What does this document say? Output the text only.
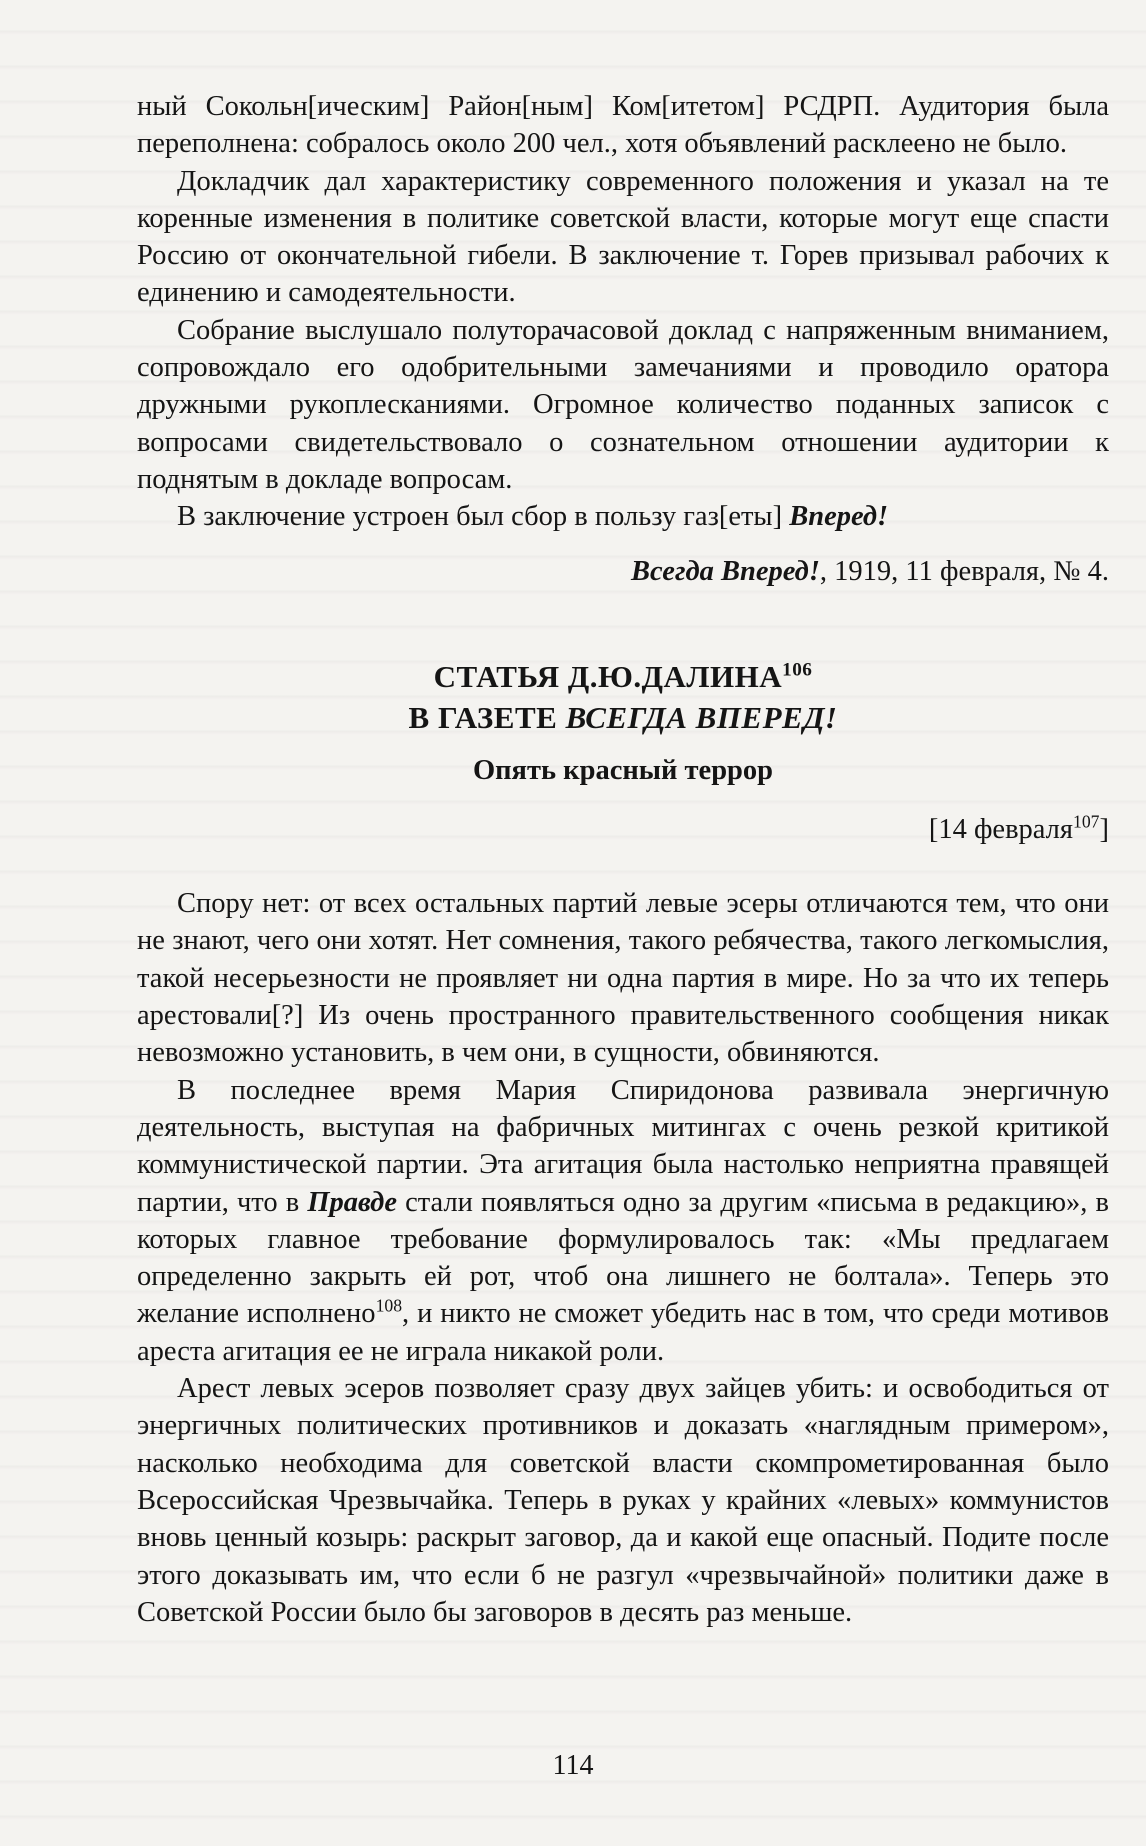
ный Сокольн[ическим] Район[ным] Ком[итетом] РСДРП. Аудитория была переполнена: собралось около 200 чел., хотя объявлений расклеено не было.

Докладчик дал характеристику современного положения и указал на те коренные изменения в политике советской власти, которые могут еще спасти Россию от окончательной гибели. В заключение т. Горев призывал рабочих к единению и самодеятельности.

Собрание выслушало полуторачасовой доклад с напряженным вниманием, сопровождало его одобрительными замечаниями и проводило оратора дружными рукоплесканиями. Огромное количество поданных записок с вопросами свидетельствовало о сознательном отношении аудитории к поднятым в докладе вопросам.

В заключение устроен был сбор в пользу газ[еты] Вперед!

Всегда Вперед!, 1919, 11 февраля, № 4.

СТАТЬЯ Д.Ю.ДАЛИНА$^{106}$
В ГАЗЕТЕ ВСЕГДА ВПЕРЕД!
Опять красный террор

[14 февраля$^{107}$]

Спору нет: от всех остальных партий левые эсеры отличаются тем, что они не знают, чего они хотят. Нет сомнения, такого ребячества, такого легкомыслия, такой несерьезности не проявляет ни одна партия в мире. Но за что их теперь арестовали[?] Из очень пространного правительственного сообщения никак невозможно установить, в чем они, в сущности, обвиняются.

В последнее время Мария Спиридонова развивала энергичную деятельность, выступая на фабричных митингах с очень резкой критикой коммунистической партии. Эта агитация была настолько неприятна правящей партии, что в Правде стали появляться одно за другим «письма в редакцию», в которых главное требование формулировалось так: «Мы предлагаем определенно закрыть ей рот, чтоб она лишнего не болтала». Теперь это желание исполнено$^{108}$, и никто не сможет убедить нас в том, что среди мотивов ареста агитация ее не играла никакой роли.

Арест левых эсеров позволяет сразу двух зайцев убить: и освободиться от энергичных политических противников и доказать «наглядным примером», насколько необходима для советской власти скомпрометированная было Всероссийская Чрезвычайка. Теперь в руках у крайних «левых» коммунистов вновь ценный козырь: раскрыт заговор, да и какой еще опасный. Подите после этого доказывать им, что если б не разгул «чрезвычайной» политики даже в Советской России было бы заговоров в десять раз меньше.

114
